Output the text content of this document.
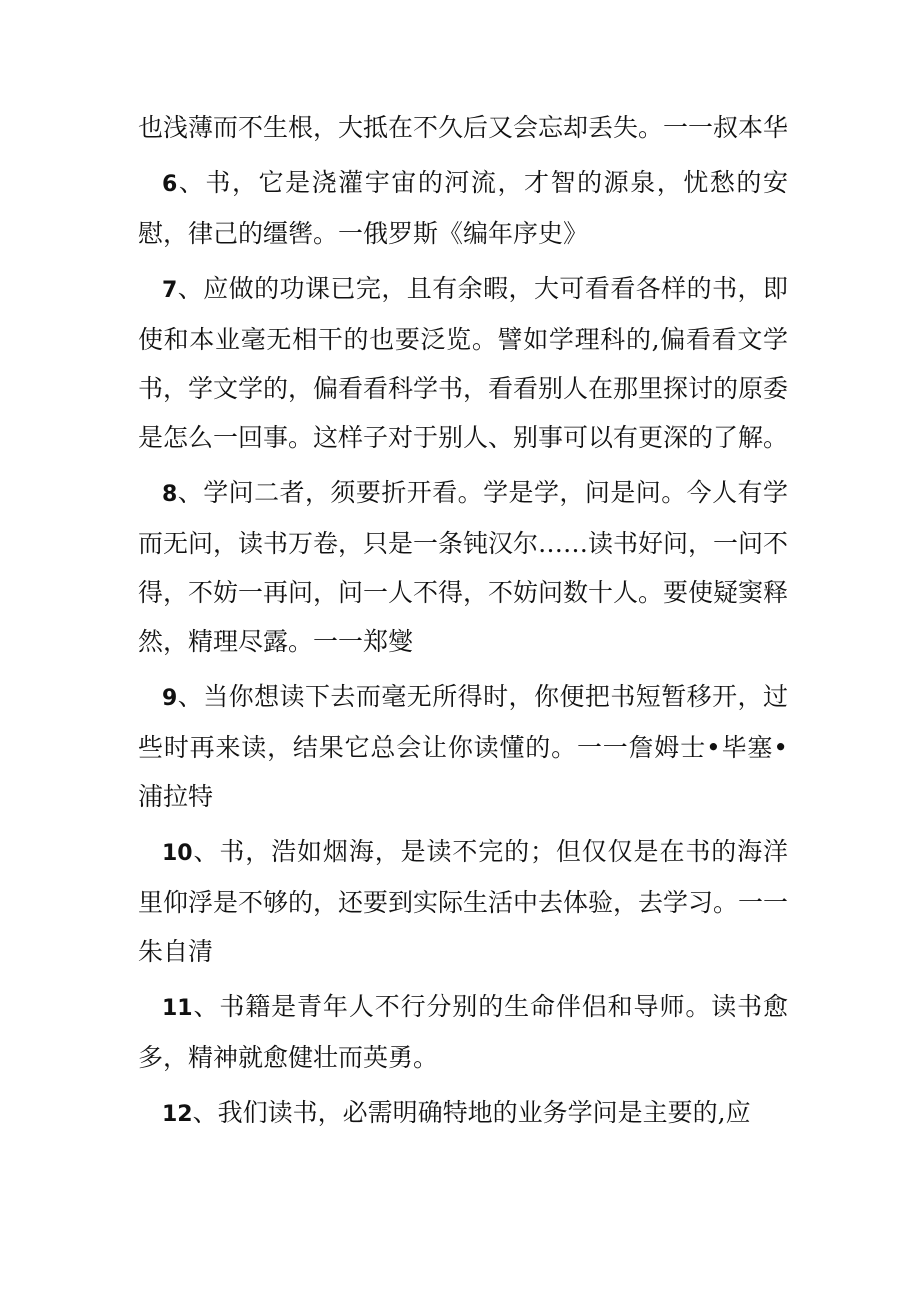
也浅薄而不生根，大抵在不久后又会忘却丢失。一一叔本华

6、书，它是浇灌宇宙的河流，才智的源泉，忧愁的安慰，律己的缰辔。一俄罗斯《编年序史》

7、应做的功课已完，且有余暇，大可看看各样的书，即使和本业毫无相干的也要泛览。譬如学理科的,偏看看文学书，学文学的，偏看看科学书，看看别人在那里探讨的原委是怎么一回事。这样子对于别人、别事可以有更深的了解。

8、学问二者，须要折开看。学是学，问是问。今人有学而无问，读书万卷，只是一条钝汉尔……读书好问，一问不得，不妨一再问，问一人不得，不妨问数十人。要使疑窦释然，精理尽露。一一郑燮

9、当你想读下去而毫无所得时，你便把书短暂移开，过些时再来读，结果它总会让你读懂的。一一詹姆士•毕塞•浦拉特

10、书，浩如烟海，是读不完的；但仅仅是在书的海洋里仰浮是不够的，还要到实际生活中去体验，去学习。一一朱自清

11、书籍是青年人不行分别的生命伴侣和导师。读书愈多，精神就愈健壮而英勇。

12、我们读书，必需明确特地的业务学问是主要的,应
